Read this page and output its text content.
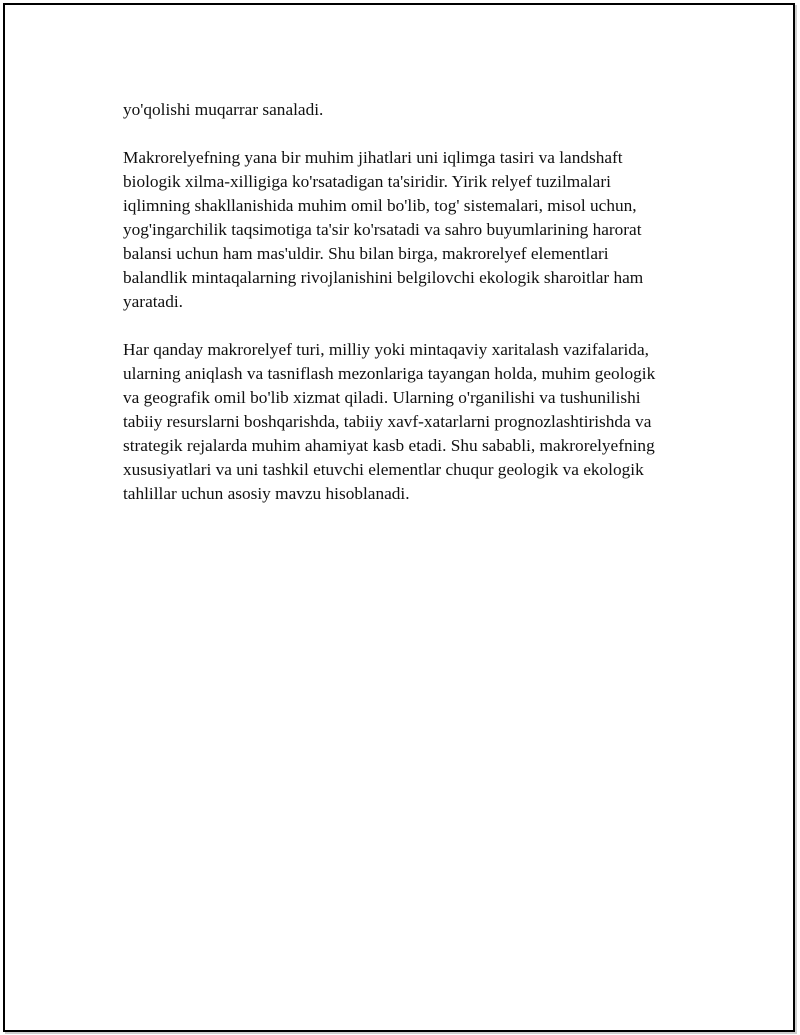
yo'qolishi muqarrar sanaladi.

Makrorelyefning yana bir muhim jihatlari uni iqlimga tasiri va landshaft
biologik xilma-xilligiga ko'rsatadigan ta'siridir. Yirik relyef tuzilmalari
iqlimning shakllanishida muhim omil bo'lib, tog' sistemalari, misol uchun,
yog'ingarchilik taqsimotiga ta'sir ko'rsatadi va sahro buyumlarining harorat
balansi uchun ham mas'uldir. Shu bilan birga, makrorelyef elementlari
balandlik mintaqalarning rivojlanishini belgilovchi ekologik sharoitlar ham
yaratadi.

Har qanday makrorelyef turi, milliy yoki mintaqaviy xaritalash vazifalarida,
ularning aniqlash va tasniflash mezonlariga tayangan holda, muhim geologik
va geografik omil bo'lib xizmat qiladi. Ularning o'rganilishi va tushunilishi
tabiiy resurslarni boshqarishda, tabiiy xavf-xatarlarni prognozlashtirishda va
strategik rejalarda muhim ahamiyat kasb etadi. Shu sababli, makrorelyefning
xususiyatlari va uni tashkil etuvchi elementlar chuqur geologik va ekologik
tahlillar uchun asosiy mavzu hisoblanadi.
